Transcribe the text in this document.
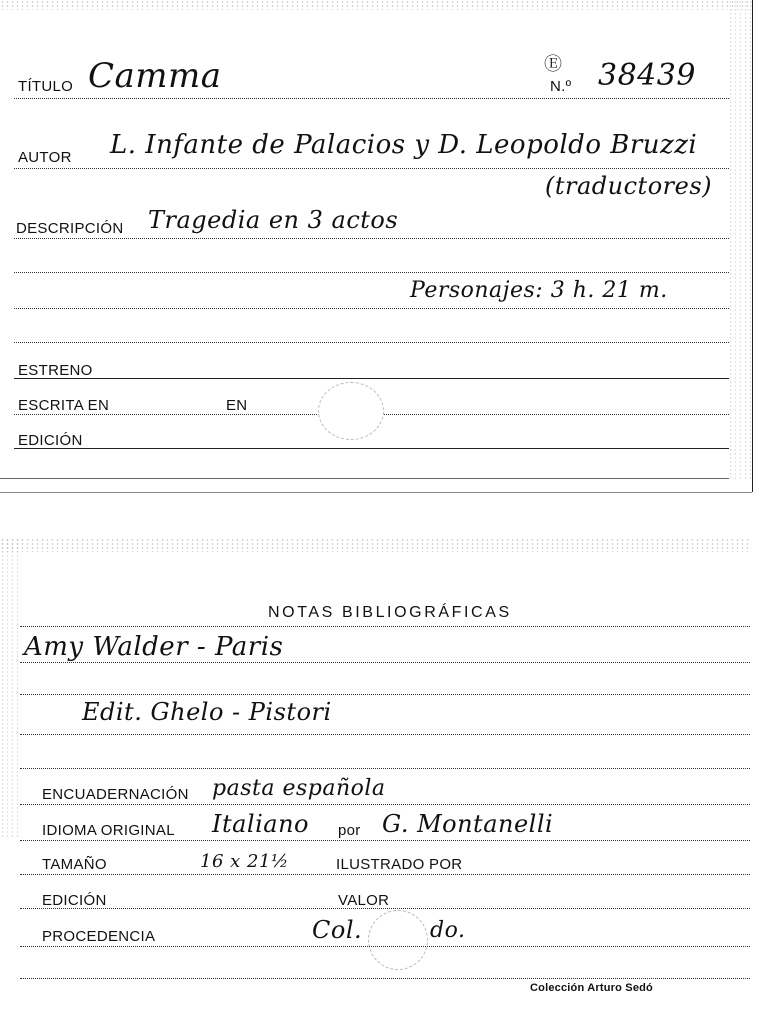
TÍTULO Camma	Ⓔ
N.º 38439
AUTOR L. Infante de Palacios y D. Leopoldo Bruzzi
(traductores)
DESCRIPCIÓN Tragedia en 3 actos
Personajes: 3 h. 21 m.
ESTRENO
ESCRITA EN	EN
EDICIÓN
NOTAS BIBLIOGRÁFICAS
Amy Walder - Paris
Edit. Ghelo - Pistori
ENCUADERNACIÓN pasta española
IDIOMA ORIGINAL Italiano por G. Montanelli
TAMAÑO	16 x 21½	ILUSTRADO POR
EDICIÓN	VALOR
PROCEDENCIA	Col.	do.
Colección Arturo Sedó
